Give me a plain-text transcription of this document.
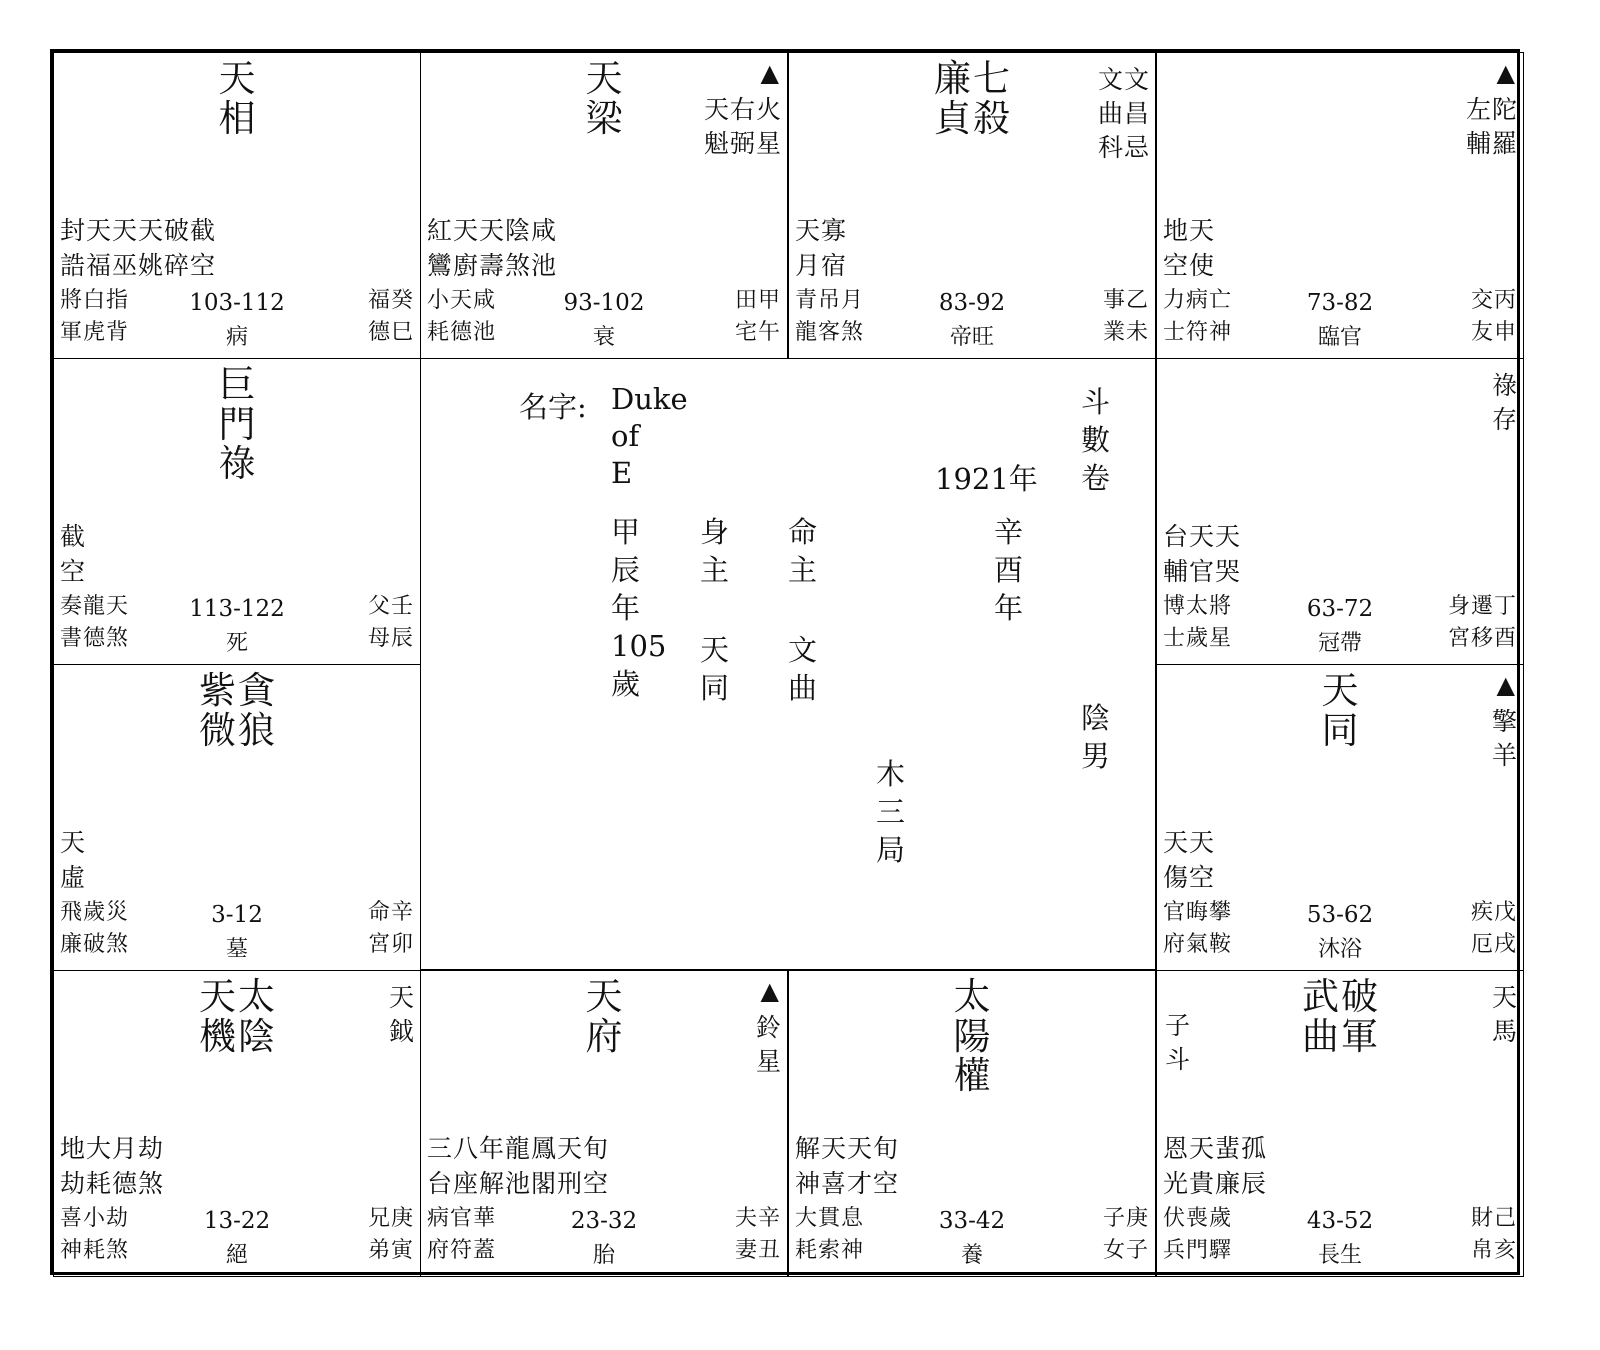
天
相
封天天天破截
誥福巫姚碎空
將白指
軍虎背
103-112
病
福癸
德巳
天
梁
▲
天
魁
右
弼
火
星
紅天天陰咸
鸞廚壽煞池
小天咸
耗德池
93-102
衰
田甲
宅午
廉
貞
七
殺
文
曲
科
文
昌
忌
天寡
月宿
青吊月
龍客煞
83-92
帝旺
事乙
業未
▲
左
輔
陀
羅
地天
空使
力病亡
士符神
73-82
臨官
交丙
友申
巨
門
祿
截
空
奏龍天
書德煞
113-122
死
父壬
母辰
祿
存
台天天
輔官哭
博太將
士歲星
63-72
冠帶
身遷丁
宮移酉
紫
微
貪
狼
天
虛
飛歲災
廉破煞
3-12
墓
命辛
宮卯
天
同
▲
擎
羊
天天
傷空
官晦攀
府氣鞍
53-62
沐浴
疾戊
厄戌
天
機
太
陰
天
鉞
地大月劫
劫耗德煞
喜小劫
神耗煞
13-22
絕
兄庚
弟寅
天
府
▲
鈴
星
三八年龍鳳天旬
台座解池閣刑空
病官華
府符蓋
23-32
胎
夫辛
妻丑
太
陽
權
解天天旬
神喜才空
大貫息
耗索神
33-42
養
子庚
女子
武
曲
破
軍
天
馬
子
斗
恩天蜚孤
光貴廉辰
伏喪歲
兵門驛
43-52
長生
財己
帛亥
名字: Duke
of
E
斗
數
卷
1921年
甲
辰
年
105
歲
身
主
天
同
命
主
文
曲
辛
酉
年
陰
男
木
三
局
